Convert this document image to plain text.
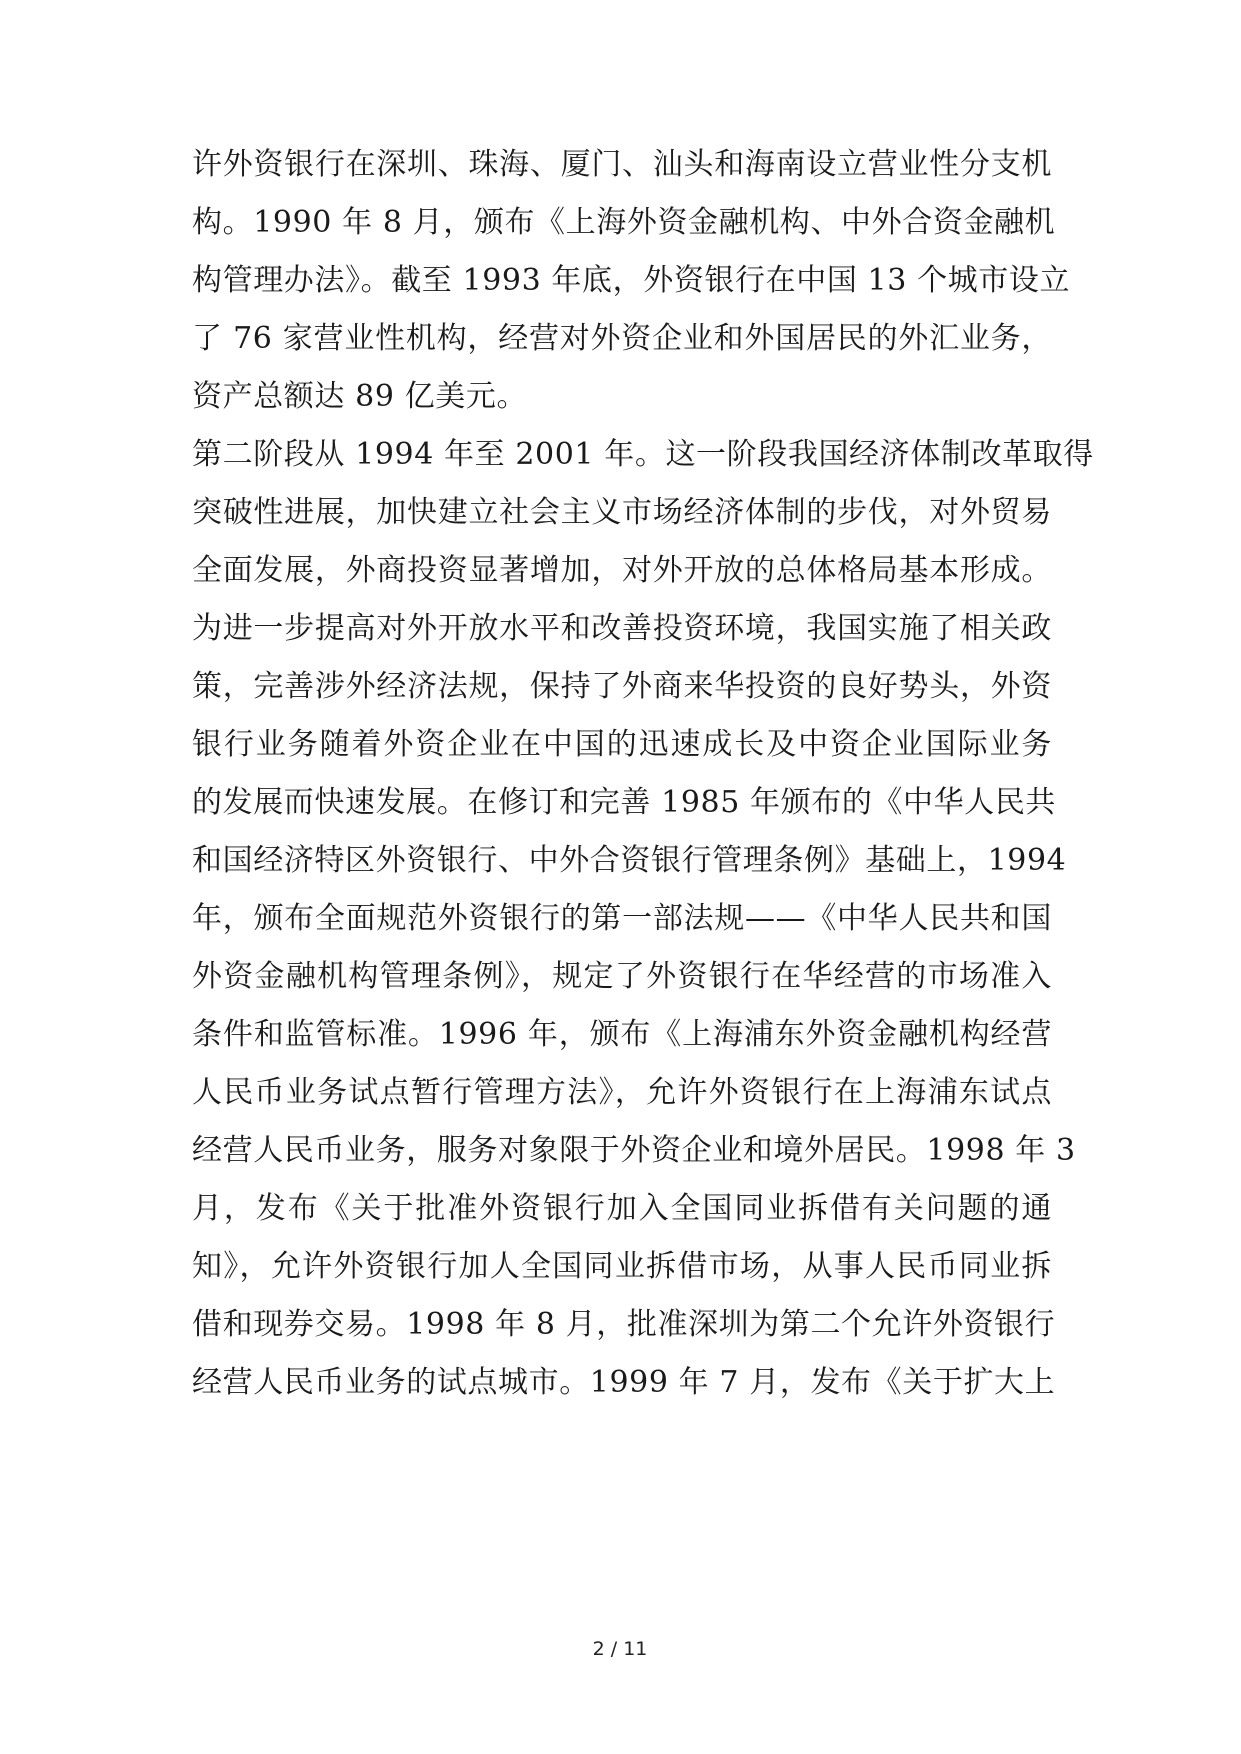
许外资银行在深圳、珠海、厦门、汕头和海南设立营业性分支机
构。1990 年 8 月，颁布《上海外资金融机构、中外合资金融机
构管理办法》。截至 1993 年底，外资银行在中国 13 个城市设立
了 76 家营业性机构，经营对外资企业和外国居民的外汇业务，
资产总额达 89 亿美元。
第二阶段从 1994 年至 2001 年。这一阶段我国经济体制改革取得
突破性进展，加快建立社会主义市场经济体制的步伐，对外贸易
全面发展，外商投资显著增加，对外开放的总体格局基本形成。
为进一步提高对外开放水平和改善投资环境，我国实施了相关政
策，完善涉外经济法规，保持了外商来华投资的良好势头，外资
银行业务随着外资企业在中国的迅速成长及中资企业国际业务
的发展而快速发展。在修订和完善 1985 年颁布的《中华人民共
和国经济特区外资银行、中外合资银行管理条例》基础上，1994
年，颁布全面规范外资银行的第一部法规——《中华人民共和国
外资金融机构管理条例》，规定了外资银行在华经营的市场准入
条件和监管标准。1996 年，颁布《上海浦东外资金融机构经营
人民币业务试点暂行管理方法》，允许外资银行在上海浦东试点
经营人民币业务，服务对象限于外资企业和境外居民。1998 年 3
月，发布《关于批准外资银行加入全国同业拆借有关问题的通
知》，允许外资银行加人全国同业拆借市场，从事人民币同业拆
借和现券交易。1998 年 8 月，批准深圳为第二个允许外资银行
经营人民币业务的试点城市。1999 年 7 月，发布《关于扩大上
2 / 11
